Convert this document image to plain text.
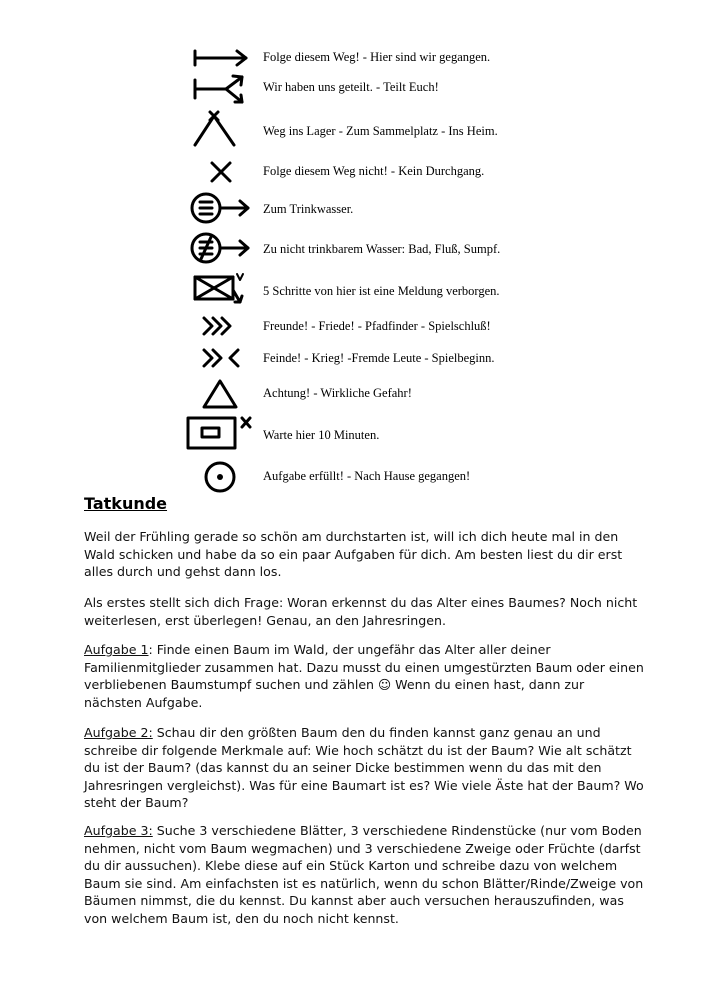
Folge diesem Weg! - Hier sind wir gegangen.
Wir haben uns geteilt. - Teilt Euch!
Weg ins Lager - Zum Sammelplatz - Ins Heim.
Folge diesem Weg nicht! - Kein Durchgang.
Zum Trinkwasser.
Zu nicht trinkbarem Wasser: Bad, Fluß, Sumpf.
5 Schritte von hier ist eine Meldung verborgen.
Freunde! - Friede! - Pfadfinder - Spielschluß!
Feinde! - Krieg! -Fremde Leute - Spielbeginn.
Achtung! - Wirkliche Gefahr!
Warte hier 10 Minuten.
Aufgabe erfüllt! - Nach Hause gegangen!
Tatkunde

Weil der Frühling gerade so schön am durchstarten ist, will ich dich heute mal in den Wald schicken und habe da so ein paar Aufgaben für dich. Am besten liest du dir erst alles durch und gehst dann los.

Als erstes stellt sich dich Frage: Woran erkennst du das Alter eines Baumes? Noch nicht weiterlesen, erst überlegen! Genau, an den Jahresringen.

Aufgabe 1: Finde einen Baum im Wald, der ungefähr das Alter aller deiner Familienmitglieder zusammen hat. Dazu musst du einen umgestürzten Baum oder einen verbliebenen Baumstumpf suchen und zählen ☺ Wenn du einen hast, dann zur nächsten Aufgabe.

Aufgabe 2: Schau dir den größten Baum den du finden kannst ganz genau an und schreibe dir folgende Merkmale auf: Wie hoch schätzt du ist der Baum? Wie alt schätzt du ist der Baum? (das kannst du an seiner Dicke bestimmen wenn du das mit den Jahresringen vergleichst). Was für eine Baumart ist es? Wie viele Äste hat der Baum? Wo steht der Baum?

Aufgabe 3: Suche 3 verschiedene Blätter, 3 verschiedene Rindenstücke (nur vom Boden nehmen, nicht vom Baum wegmachen) und 3 verschiedene Zweige oder Früchte (darfst du dir aussuchen). Klebe diese auf ein Stück Karton und schreibe dazu von welchem Baum sie sind. Am einfachsten ist es natürlich, wenn du schon Blätter/Rinde/Zweige von Bäumen nimmst, die du kennst. Du kannst aber auch versuchen herauszufinden, was von welchem Baum ist, den du noch nicht kennst.
